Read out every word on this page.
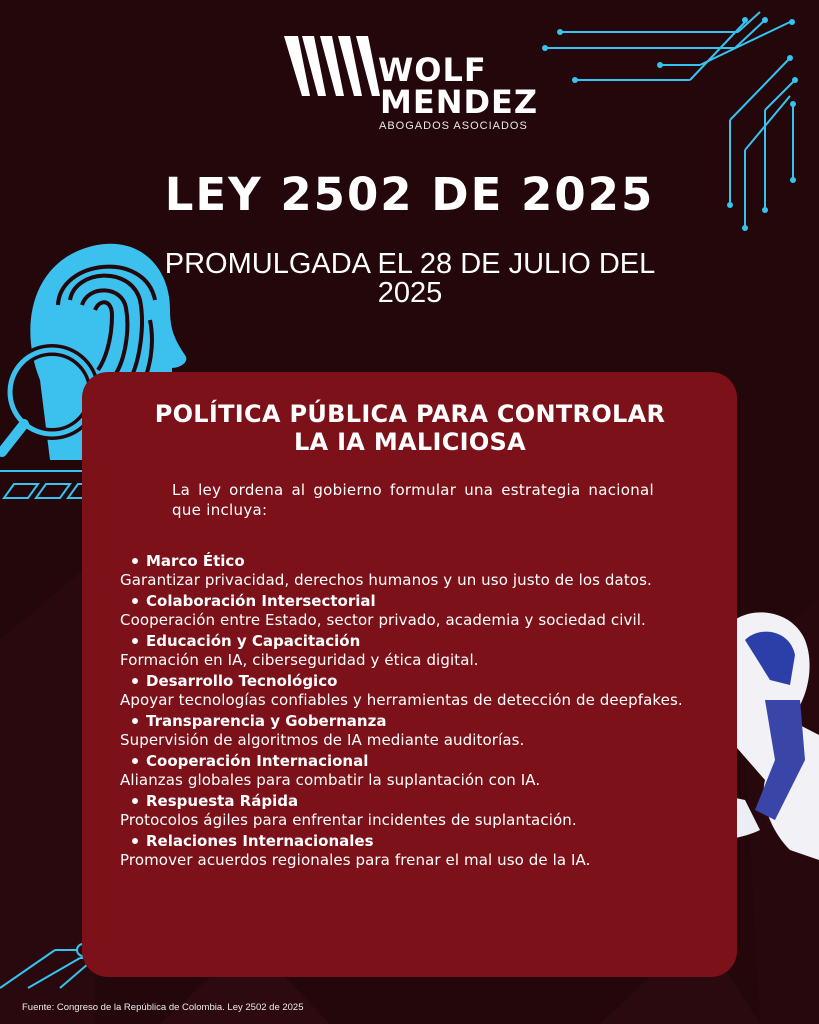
WOLF
MENDEZ
ABOGADOS ASOCIADOS
LEY 2502 DE 2025
PROMULGADA EL 28 DE JULIO DEL 2025
POLÍTICA PÚBLICA PARA CONTROLAR LA IA MALICIOSA
La ley ordena al gobierno formular una estrategia nacional que incluya:
Marco Ético
Garantizar privacidad, derechos humanos y un uso justo de los datos.
Colaboración Intersectorial
Cooperación entre Estado, sector privado, academia y sociedad civil.
Educación y Capacitación
Formación en IA, ciberseguridad y ética digital.
Desarrollo Tecnológico
Apoyar tecnologías confiables y herramientas de detección de deepfakes.
Transparencia y Gobernanza
Supervisión de algoritmos de IA mediante auditorías.
Cooperación Internacional
Alianzas globales para combatir la suplantación con IA.
Respuesta Rápida
Protocolos ágiles para enfrentar incidentes de suplantación.
Relaciones Internacionales
Promover acuerdos regionales para frenar el mal uso de la IA.
Fuente: Congreso de la República de Colombia. Ley 2502 de 2025
